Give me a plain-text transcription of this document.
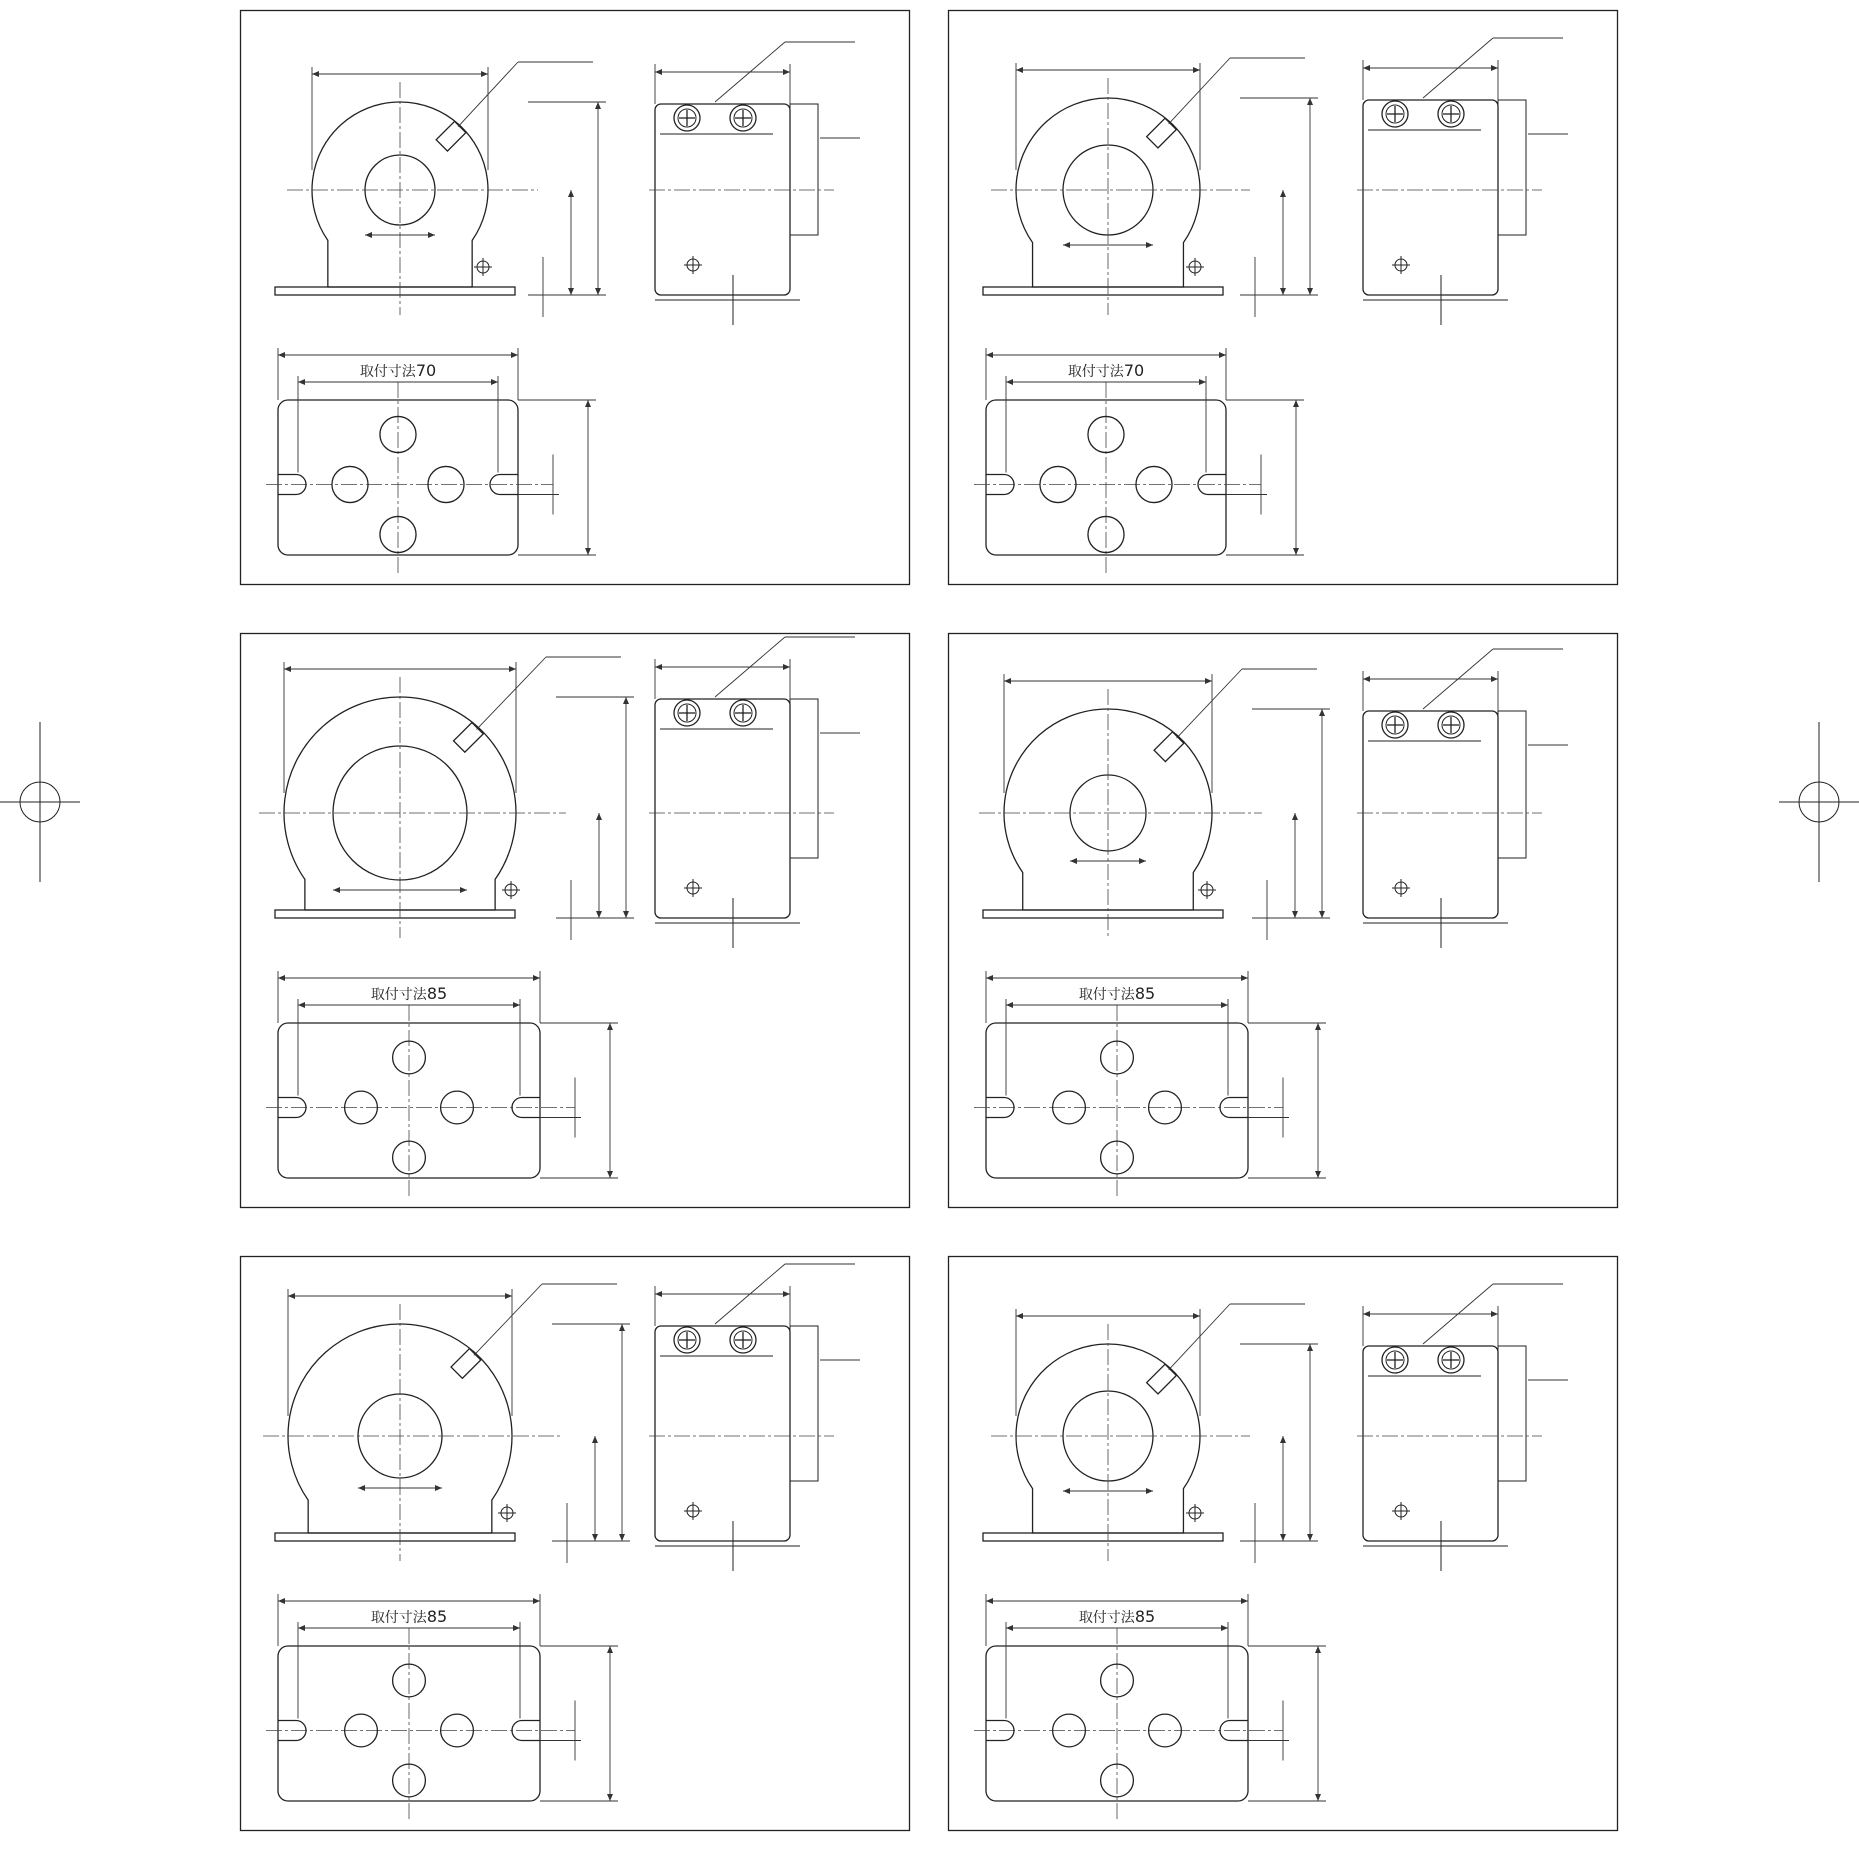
取付寸法70	取付寸法70
取付寸法85	取付寸法85
取付寸法85	取付寸法85
